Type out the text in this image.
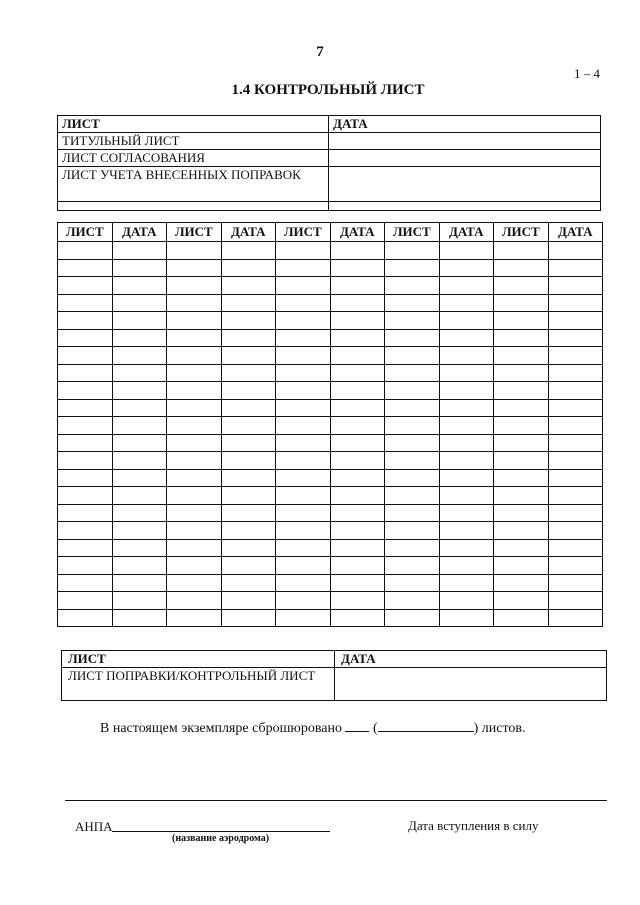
7
1 – 4
1.4 КОНТРОЛЬНЫЙ ЛИСТ
ЛИСТ	ДАТА
ТИТУЛЬНЫЙ ЛИСТ	
ЛИСТ СОГЛАСОВАНИЯ	
ЛИСТ УЧЕТА ВНЕСЕННЫХ ПОПРАВОК	

ЛИСТ	ДАТА	ЛИСТ	ДАТА	ЛИСТ	ДАТА	ЛИСТ	ДАТА	ЛИСТ	ДАТА

ЛИСТ	ДАТА
ЛИСТ ПОПРАВКИ/КОНТРОЛЬНЫЙ ЛИСТ	
В настоящем экземпляре сброшюровано (	) листов.
АНПА
(название аэродрома)
Дата вступления в силу
